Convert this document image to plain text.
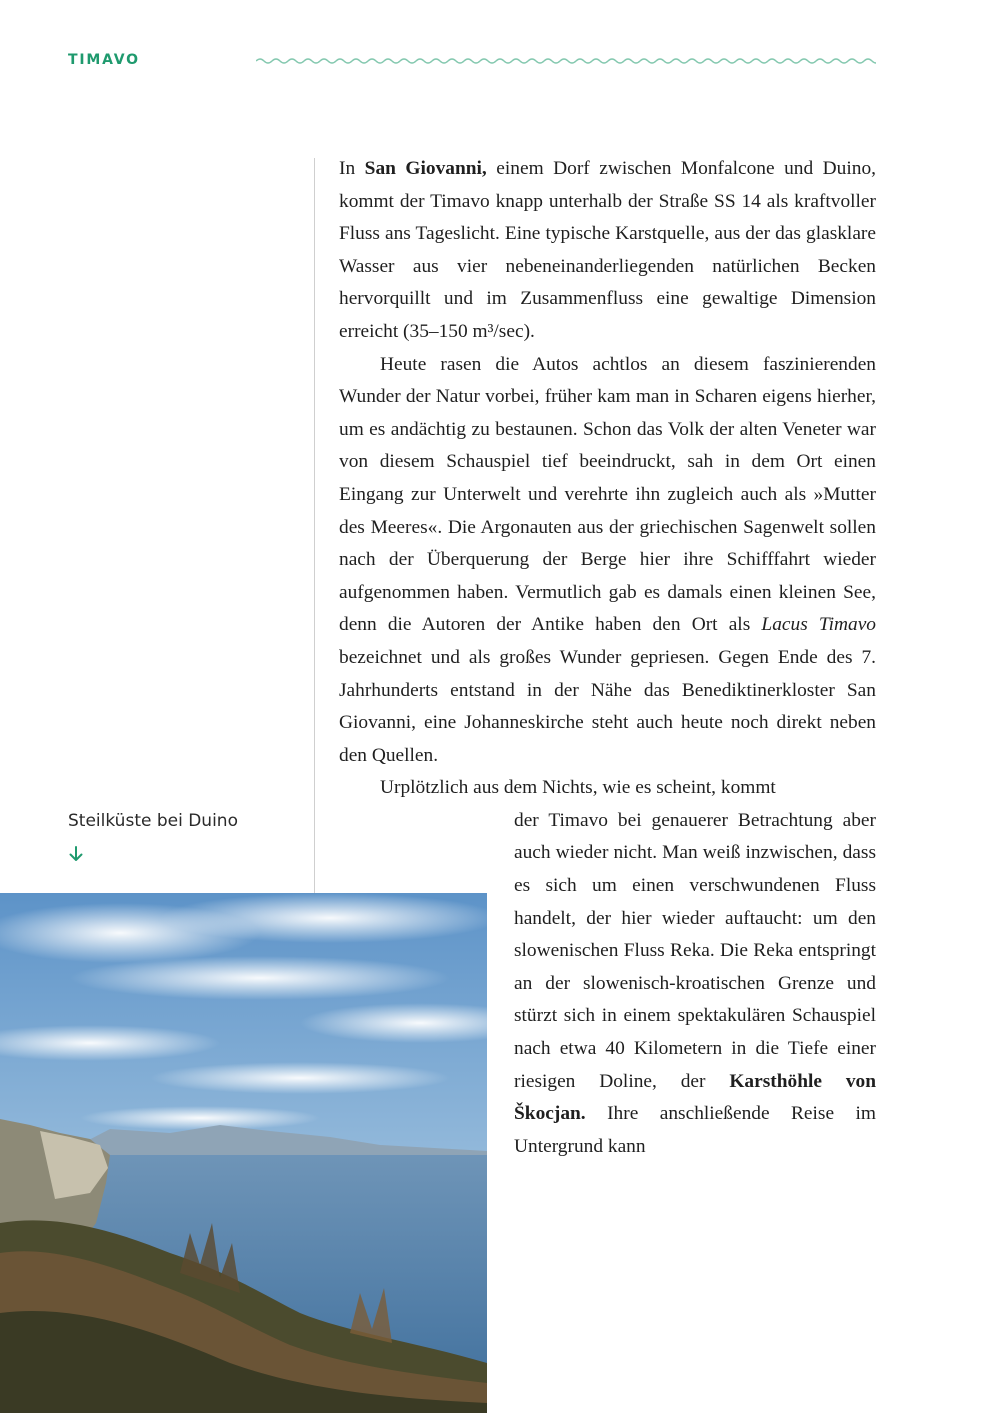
TIMAVO
Steilküste bei Duino

In San Giovanni, einem Dorf zwischen Monfalcone und Duino, kommt der Timavo knapp unterhalb der Straße SS 14 als kraftvoller Fluss ans Tageslicht. Eine typische Karstquelle, aus der das glasklare Wasser aus vier nebeneinanderliegenden natürlichen Becken hervorquillt und im Zusammenfluss eine gewaltige Dimension erreicht (35–150 m³/sec).

Heute rasen die Autos achtlos an diesem faszinierenden Wunder der Natur vorbei, früher kam man in Scharen eigens hierher, um es andächtig zu bestaunen. Schon das Volk der alten Veneter war von diesem Schauspiel tief beeindruckt, sah in dem Ort einen Eingang zur Unterwelt und verehrte ihn zugleich auch als »Mutter des Meeres«. Die Argonauten aus der griechischen Sagenwelt sollen nach der Überquerung der Berge hier ihre Schifffahrt wieder aufgenommen haben. Vermutlich gab es damals einen kleinen See, denn die Autoren der Antike haben den Ort als Lacus Timavo bezeichnet und als großes Wunder gepriesen. Gegen Ende des 7. Jahrhunderts entstand in der Nähe das Benediktinerkloster San Giovanni, eine Johanneskirche steht auch heute noch direkt neben den Quellen.

Urplötzlich aus dem Nichts, wie es scheint, kommt

der Timavo bei genauerer Betrachtung aber auch wieder nicht. Man weiß inzwischen, dass es sich um einen verschwundenen Fluss handelt, der hier wieder auftaucht: um den slowenischen Fluss Reka. Die Reka entspringt an der slowenisch-kroatischen Grenze und stürzt sich in einem spektakulären Schauspiel nach etwa 40 Kilometern in die Tiefe einer riesigen Doline, der Karsthöhle von Škocjan. Ihre anschließende Reise im Untergrund kann
